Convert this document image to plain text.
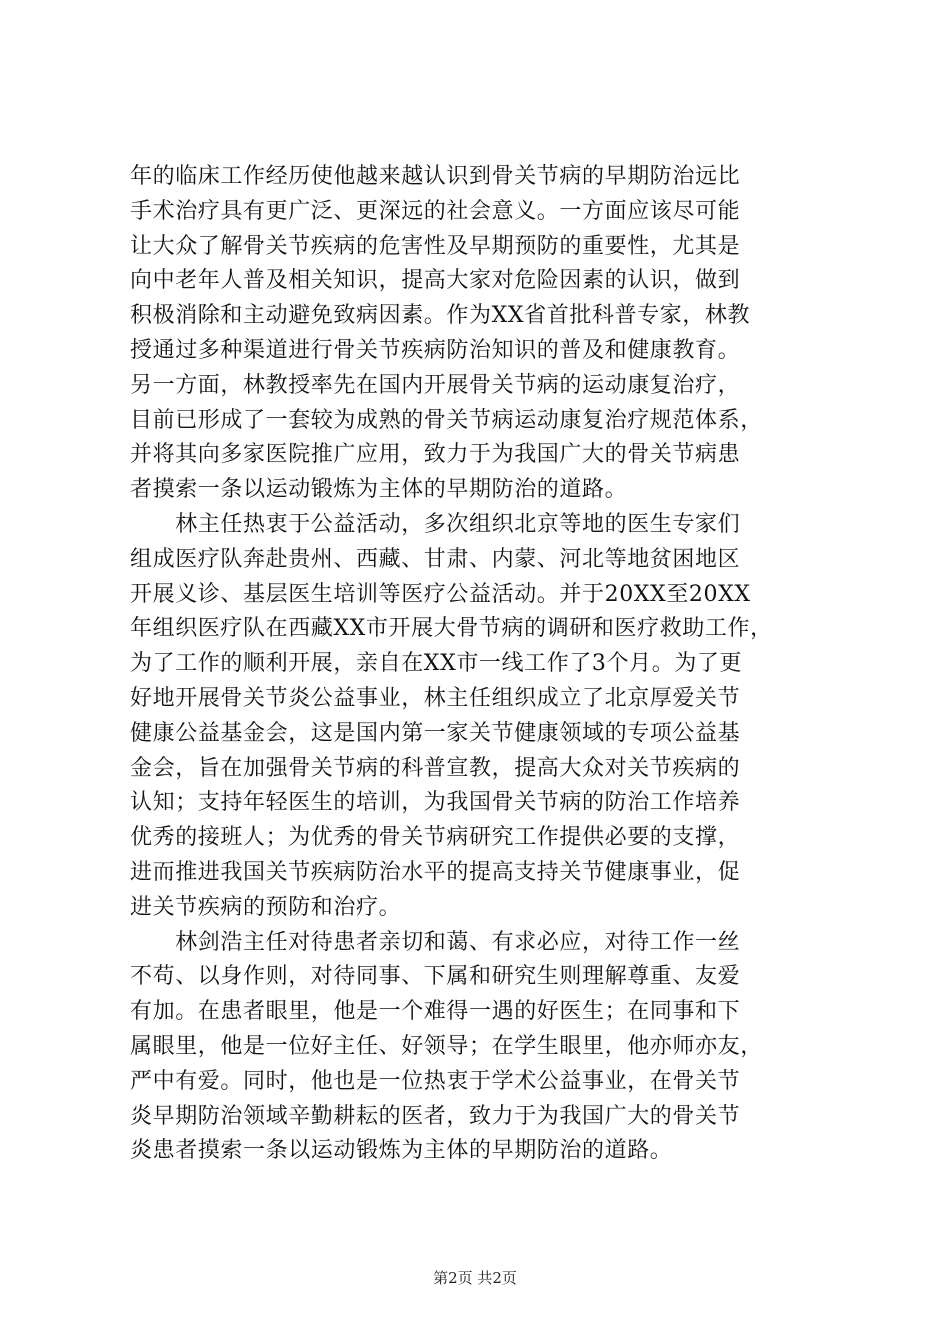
年的临床工作经历使他越来越认识到骨关节病的早期防治远比
手术治疗具有更广泛、更深远的社会意义。一方面应该尽可能
让大众了解骨关节疾病的危害性及早期预防的重要性，尤其是
向中老年人普及相关知识，提高大家对危险因素的认识，做到
积极消除和主动避免致病因素。作为XX省首批科普专家，林教
授通过多种渠道进行骨关节疾病防治知识的普及和健康教育。
另一方面，林教授率先在国内开展骨关节病的运动康复治疗，
目前已形成了一套较为成熟的骨关节病运动康复治疗规范体系，
并将其向多家医院推广应用，致力于为我国广大的骨关节病患
者摸索一条以运动锻炼为主体的早期防治的道路。
　　林主任热衷于公益活动，多次组织北京等地的医生专家们
组成医疗队奔赴贵州、西藏、甘肃、内蒙、河北等地贫困地区
开展义诊、基层医生培训等医疗公益活动。并于20XX至20XX
年组织医疗队在西藏XX市开展大骨节病的调研和医疗救助工作，
为了工作的顺利开展，亲自在XX市一线工作了3个月。为了更
好地开展骨关节炎公益事业，林主任组织成立了北京厚爱关节
健康公益基金会，这是国内第一家关节健康领域的专项公益基
金会，旨在加强骨关节病的科普宣教，提高大众对关节疾病的
认知；支持年轻医生的培训，为我国骨关节病的防治工作培养
优秀的接班人；为优秀的骨关节病研究工作提供必要的支撑，
进而推进我国关节疾病防治水平的提高支持关节健康事业，促
进关节疾病的预防和治疗。
　　林剑浩主任对待患者亲切和蔼、有求必应，对待工作一丝
不苟、以身作则，对待同事、下属和研究生则理解尊重、友爱
有加。在患者眼里，他是一个难得一遇的好医生；在同事和下
属眼里，他是一位好主任、好领导；在学生眼里，他亦师亦友，
严中有爱。同时，他也是一位热衷于学术公益事业，在骨关节
炎早期防治领域辛勤耕耘的医者，致力于为我国广大的骨关节
炎患者摸索一条以运动锻炼为主体的早期防治的道路。
第2页 共2页
